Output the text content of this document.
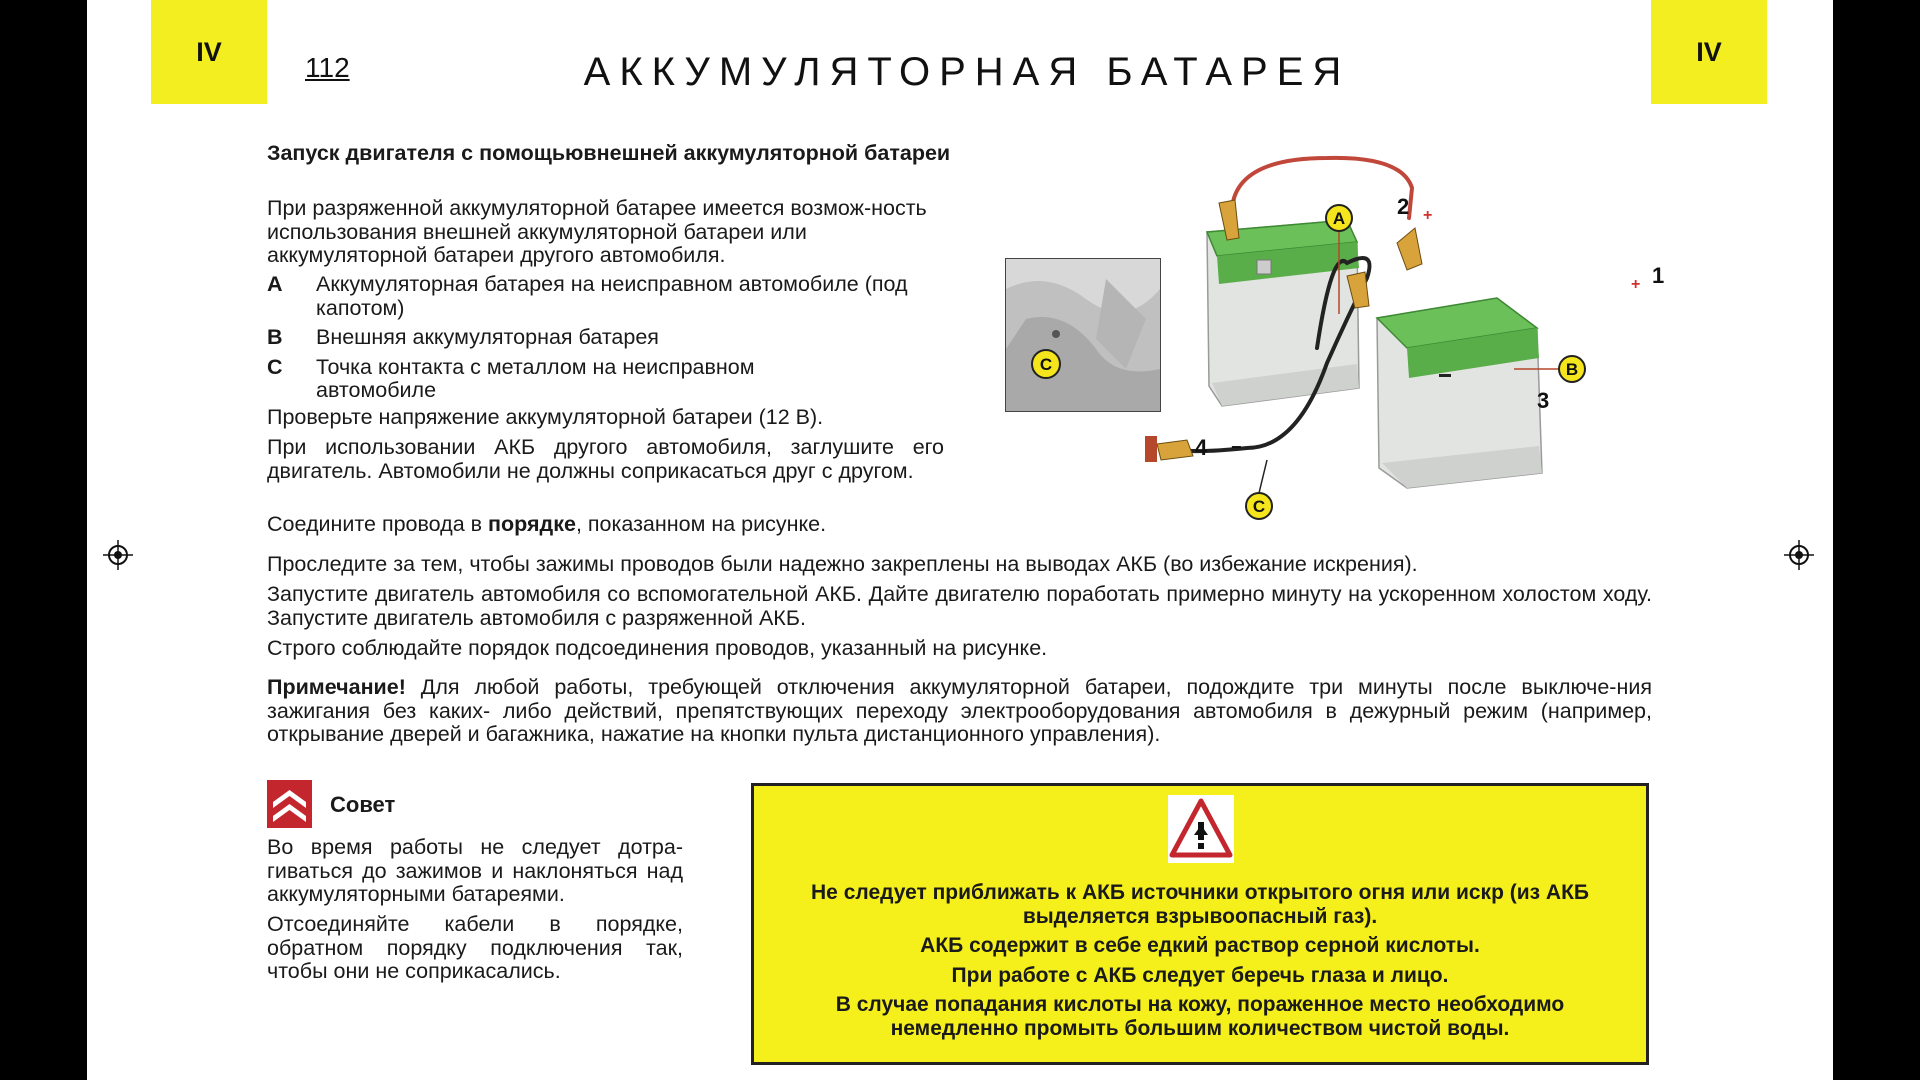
IV	IV
112	АККУМУЛЯТОРНАЯ БАТАРЕЯ
Запуск двигателя с помощьювнешней аккумуляторной батареи

При разряженной аккумуляторной батарее имеется возмож-ность использования внешней аккумуляторной батареи или аккумуляторной батареи другого автомобиля.

A	Аккумуляторная батарея на неисправном автомобиле (под капотом)
B	Внешняя аккумуляторная батарея
C	Точка контакта с металлом на неисправном автомобиле

Проверьте напряжение аккумуляторной батареи (12 В).

При использовании АКБ другого автомобиля, заглушите его двигатель. Автомобили не должны соприкасаться друг с другом.

Соедините провода в порядке, показанном на рисунке.

Проследите за тем, чтобы зажимы проводов были надежно закреплены на выводах АКБ (во избежание искрения).

Запустите двигатель автомобиля со вспомогательной АКБ. Дайте двигателю поработать примерно минуту на ускоренном холостом ходу. Запустите двигатель автомобиля с разряженной АКБ.

Строго соблюдайте порядок подсоединения проводов, указанный на рисунке.

Примечание! Для любой работы, требующей отключения аккумуляторной батареи, подождите три минуты после выключе-ния зажигания без каких- либо действий, препятствующих переходу электрооборудования автомобиля в дежурный режим (например, открывание дверей и багажника, нажатие на кнопки пульта дистанционного управления).

C
A
B
C
2 +
1
+
3
4 −
Совет

Во время работы не следует дотра-гиваться до зажимов и наклоняться над аккумуляторными батареями.

Отсоединяйте кабели в порядке, обратном порядку подключения так, чтобы они не соприкасались.

Не следует приближать к АКБ источники открытого огня или искр (из АКБ выделяется взрывоопасный газ).
АКБ содержит в себе едкий раствор серной кислоты.
При работе с АКБ следует беречь глаза и лицо.
В случае попадания кислоты на кожу, пораженное место необходимо немедленно промыть большим количеством чистой воды.
